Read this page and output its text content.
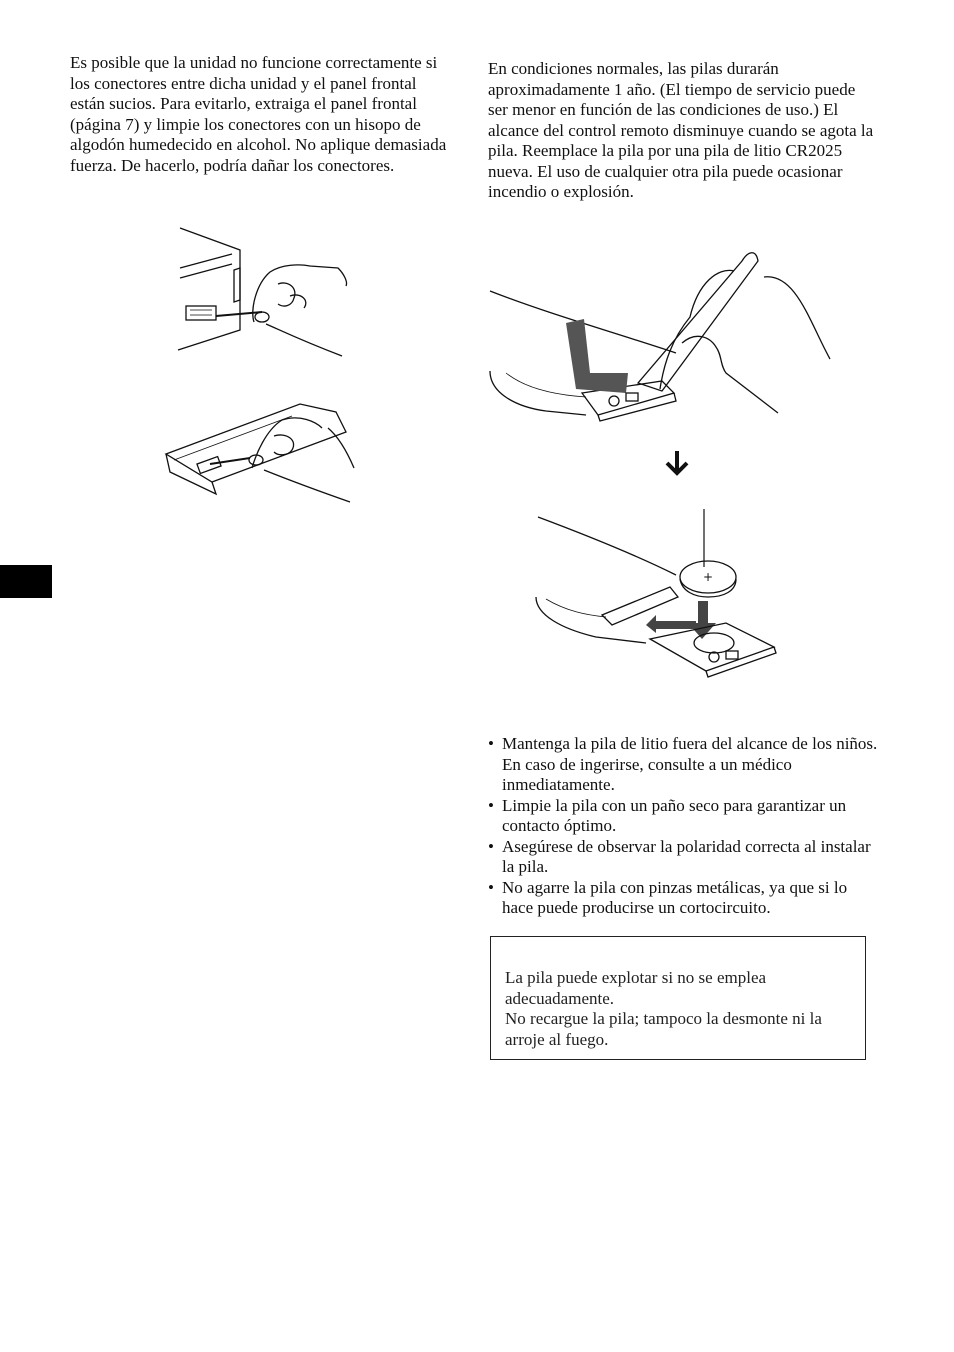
Es posible que la unidad no funcione correctamente si los conectores entre dicha unidad y el panel frontal están sucios. Para evitarlo, extraiga el panel frontal (página 7) y limpie los conectores con un hisopo de algodón humedecido en alcohol. No aplique demasiada fuerza. De hacerlo, podría dañar los conectores.

+
• Mantenga la pila de litio fuera del alcance de los niños. En caso de ingerirse, consulte a un médico inmediatamente.
• Limpie la pila con un paño seco para garantizar un contacto óptimo.
• Asegúrese de observar la polaridad correcta al instalar la pila.
• No agarre la pila con pinzas metálicas, ya que si lo hace puede producirse un cortocircuito.

La pila puede explotar si no se emplea adecuadamente.

No recargue la pila; tampoco la desmonte ni la arroje al fuego.

En condiciones normales, las pilas durarán aproximadamente 1 año. (El tiempo de servicio puede ser menor en función de las condiciones de uso.) El alcance del control remoto disminuye cuando se agota la pila. Reemplace la pila por una pila de litio CR2025 nueva. El uso de cualquier otra pila puede ocasionar incendio o explosión.
